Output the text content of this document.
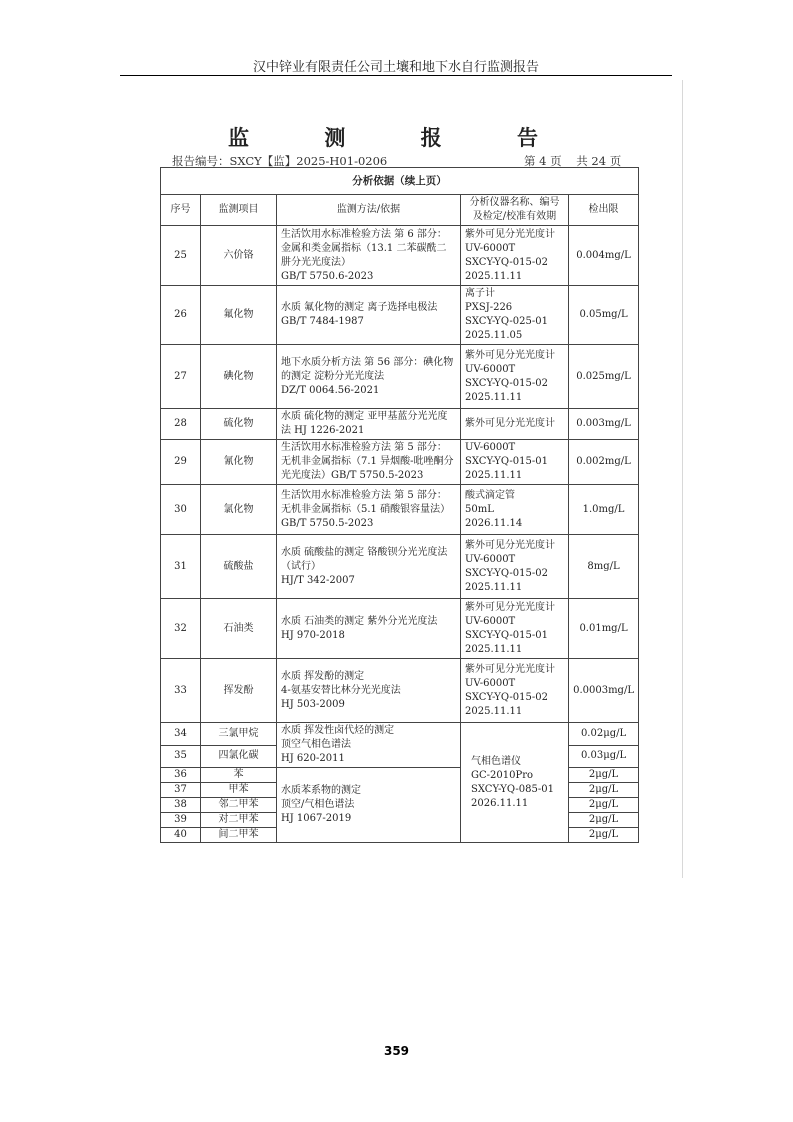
汉中锌业有限责任公司土壤和地下水自行监测报告
监 测 报 告
报告编号：SXCY【监】2025-H01-0206	第 4 页    共 24 页
分析依据（续上页）				
序号	监测项目	监测方法/依据	分析仪器名称、编号
及检定/校准有效期	检出限
25	六价铬	生活饮用水标准检验方法 第 6 部分：金属和类金属指标（13.1 二苯碳酰二肼分光光度法）
GB/T 5750.6-2023	紫外可见分光光度计
UV-6000T
SXCY-YQ-015-02
2025.11.11	0.004mg/L
26	氟化物	水质 氟化物的测定 离子选择电极法
GB/T 7484-1987	离子计
PXSJ-226
SXCY-YQ-025-01
2025.11.05	0.05mg/L
27	碘化物	地下水质分析方法 第 56 部分：碘化物的测定 淀粉分光光度法
DZ/T 0064.56-2021	紫外可见分光光度计
UV-6000T
SXCY-YQ-015-02
2025.11.11	0.025mg/L
28	硫化物	水质 硫化物的测定 亚甲基蓝分光光度法 HJ 1226-2021	紫外可见分光光度计	0.003mg/L
29	氰化物	生活饮用水标准检验方法 第 5 部分：无机非金属指标（7.1 异烟酸-吡唑酮分光光度法）GB/T 5750.5-2023	UV-6000T
SXCY-YQ-015-01
2025.11.11	0.002mg/L
30	氯化物	生活饮用水标准检验方法 第 5 部分：无机非金属指标（5.1 硝酸银容量法）
GB/T 5750.5-2023	酸式滴定管
50mL
2026.11.14	1.0mg/L
31	硫酸盐	水质 硫酸盐的测定 铬酸钡分光光度法（试行）
HJ/T 342-2007	紫外可见分光光度计
UV-6000T
SXCY-YQ-015-02
2025.11.11	8mg/L
32	石油类	水质 石油类的测定 紫外分光光度法
HJ 970-2018	紫外可见分光光度计
UV-6000T
SXCY-YQ-015-01
2025.11.11	0.01mg/L
33	挥发酚	水质 挥发酚的测定
4-氨基安替比林分光光度法
HJ 503-2009	紫外可见分光光度计
UV-6000T
SXCY-YQ-015-02
2025.11.11	0.0003mg/L
34	三氯甲烷	水质 挥发性卤代烃的测定
顶空气相色谱法
HJ 620-2011	气相色谱仪
GC-2010Pro
SXCY-YQ-085-01
2026.11.11	0.02μg/L
35	四氯化碳			0.03μg/L
36	苯	水质苯系物的测定
顶空/气相色谱法
HJ 1067-2019		2μg/L
37	甲苯			2μg/L
38	邻二甲苯			2μg/L
39	对二甲苯			2μg/L
40	间二甲苯			2μg/L
359
